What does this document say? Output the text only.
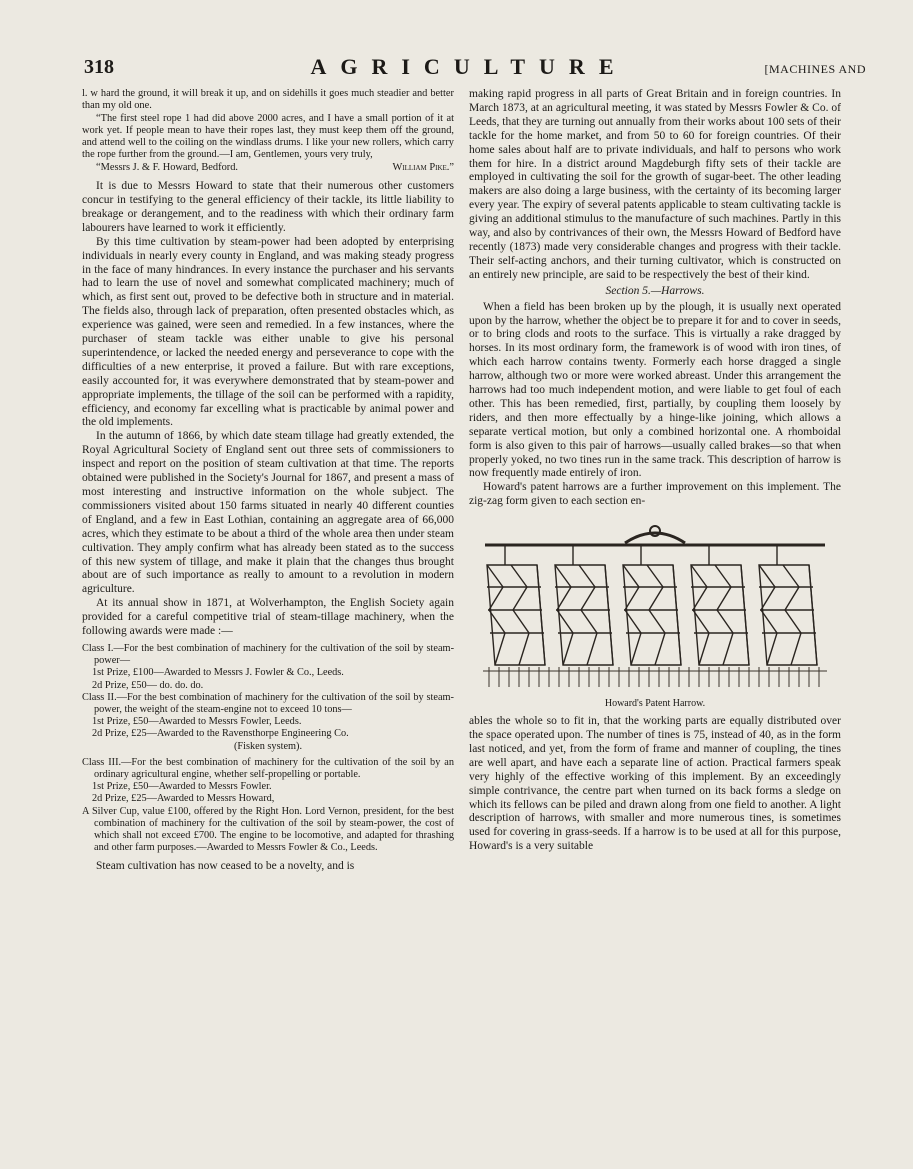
318	AGRICULTURE	[MACHINES AND

l. w hard the ground, it will break it up, and on sidehills it goes much steadier and better than my old one.

“The first steel rope 1 had did above 2000 acres, and I have a small portion of it at work yet. If people mean to have their ropes last, they must keep them off the ground, and attend well to the coiling on the windlass drums. I like your new rollers, which carry the rope further from the ground.—I am, Gentlemen, yours very truly,

“Messrs J. & F. Howard, Bedford.	William Pike.”

It is due to Messrs Howard to state that their numerous other customers concur in testifying to the general efficiency of their tackle, its little liability to breakage or derangement, and to the readiness with which their ordinary farm labourers have learned to work it efficiently.

By this time cultivation by steam-power had been adopted by enterprising individuals in nearly every county in England, and was making steady progress in the face of many hindrances. In every instance the purchaser and his servants had to learn the use of novel and somewhat complicated machinery; much of which, as first sent out, proved to be defective both in structure and in material. The fields also, through lack of preparation, often presented obstacles which, as experience was gained, were seen and remedied. In a few instances, where the purchaser of steam tackle was either unable to give his personal superintendence, or lacked the needed energy and perseverance to cope with the difficulties of a new enterprise, it proved a failure. But with rare exceptions, easily accounted for, it was everywhere demonstrated that by steam-power and appropriate implements, the tillage of the soil can be performed with a rapidity, efficiency, and economy far excelling what is practicable by animal power and the old implements.

In the autumn of 1866, by which date steam tillage had greatly extended, the Royal Agricultural Society of England sent out three sets of commissioners to inspect and report on the position of steam cultivation at that time. The reports obtained were published in the Society's Journal for 1867, and present a mass of most interesting and instructive information on the whole subject. The commissioners visited about 150 farms situated in nearly 40 different counties of England, and a few in East Lothian, containing an aggregate area of 66,000 acres, which they estimate to be about a third of the whole area then under steam cultivation. They amply confirm what has already been stated as to the success of this new system of tillage, and make it plain that the changes thus brought about are of such importance as really to amount to a revolution in modern agriculture.

At its annual show in 1871, at Wolverhampton, the English Society again provided for a careful competitive trial of steam-tillage machinery, when the following awards were made :—

Class I.—For the best combination of machinery for the cultivation of the soil by steam-power—

1st Prize, £100—Awarded to Messrs J. Fowler & Co., Leeds.

2d Prize, £50— do. do. do.

Class II.—For the best combination of machinery for the cultivation of the soil by steam-power, the weight of the steam-engine not to exceed 10 tons—

1st Prize, £50—Awarded to Messrs Fowler, Leeds.

2d Prize, £25—Awarded to the Ravensthorpe Engineering Co.

(Fisken system).

Class III.—For the best combination of machinery for the cultivation of the soil by an ordinary agricultural engine, whether self-propelling or portable.

1st Prize, £50—Awarded to Messrs Fowler.

2d Prize, £25—Awarded to Messrs Howard,

A Silver Cup, value £100, offered by the Right Hon. Lord Vernon, president, for the best combination of machinery for the cultivation of the soil by steam-power, the cost of which shall not exceed £700. The engine to be locomotive, and adapted for thrashing and other farm purposes.—Awarded to Messrs Fowler & Co., Leeds.

Steam cultivation has now ceased to be a novelty, and is

making rapid progress in all parts of Great Britain and in foreign countries. In March 1873, at an agricultural meeting, it was stated by Messrs Fowler & Co. of Leeds, that they are turning out annually from their works about 100 sets of their tackle for the home market, and from 50 to 60 for foreign countries. Of their home sales about half are to private individuals, and half to persons who work them for hire. In a district around Magdeburgh fifty sets of their tackle are employed in cultivating the soil for the growth of sugar-beet. The other leading makers are also doing a large business, with the certainty of its becoming larger every year. The expiry of several patents applicable to steam cultivating tackle is giving an additional stimulus to the manufacture of such machines. Partly in this way, and also by contrivances of their own, the Messrs Howard of Bedford have recently (1873) made very considerable changes and progress with their tackle. Their self-acting anchors, and their turning cultivator, which is constructed on an entirely new principle, are said to be respectively the best of their kind.

Section 5.—Harrows.

When a field has been broken up by the plough, it is usually next operated upon by the harrow, whether the object be to prepare it for and to cover in seeds, or to bring clods and roots to the surface. This is virtually a rake dragged by horses. In its most ordinary form, the framework is of wood with iron tines, of which each harrow contains twenty. Formerly each horse dragged a single harrow, although two or more were worked abreast. Under this arrangement the harrows had too much independent motion, and were liable to get foul of each other. This has been remedied, first, partially, by coupling them loosely by riders, and then more effectually by a hinge-like joining, which allows a separate vertical motion, but only a combined horizontal one. A rhomboidal form is also given to this pair of harrows—usually called brakes—so that when properly yoked, no two tines run in the same track. This description of harrow is now frequently made entirely of iron.

Howard's patent harrows are a further improvement on this implement. The zig-zag form given to each section en-

Howard's Patent Harrow.

ables the whole so to fit in, that the working parts are equally distributed over the space operated upon. The number of tines is 75, instead of 40, as in the form last noticed, and yet, from the form of frame and manner of coupling, the tines are well apart, and have each a separate line of action. Practical farmers speak very highly of the effective working of this implement. By an exceedingly simple contrivance, the centre part when turned on its back forms a sledge on which its fellows can be piled and drawn along from one field to another. A light description of harrows, with smaller and more numerous tines, is sometimes used for covering in grass-seeds. If a harrow is to be used at all for this purpose, Howard's is a very suitable
